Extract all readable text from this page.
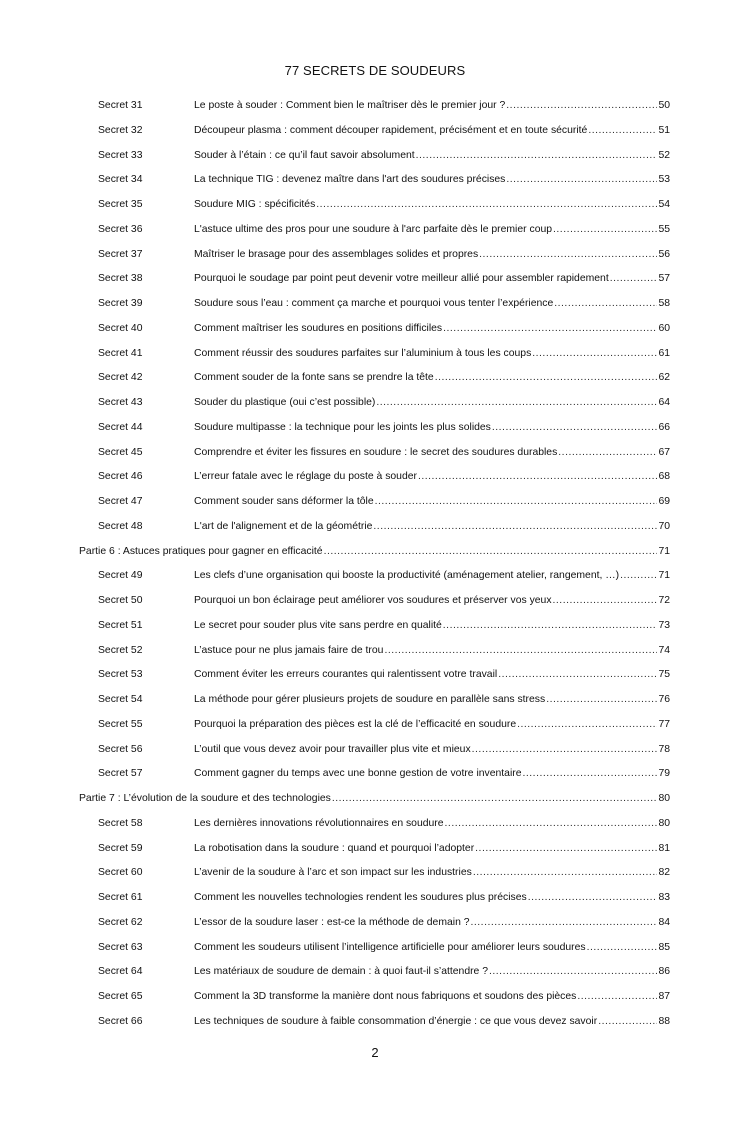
77 SECRETS DE SOUDEURS
Secret 31	Le poste à souder : Comment bien le maîtriser dès le premier jour ? .....	50
Secret 32	Découpeur plasma : comment découper rapidement, précisément et en toute sécurité .....	51
Secret 33	Souder à l’étain : ce qu’il faut savoir absolument .....	52
Secret 34	La technique TIG : devenez maître dans l'art des soudures précises .....	53
Secret 35	Soudure MIG : spécificités .....	54
Secret 36	L'astuce ultime des pros pour une soudure à l'arc parfaite dès le premier coup .....	55
Secret 37	Maîtriser le brasage pour des assemblages solides et propres .....	56
Secret 38	Pourquoi le soudage par point peut devenir votre meilleur allié pour assembler rapidement .....	57
Secret 39	Soudure sous l’eau : comment ça marche et pourquoi vous tenter l’expérience .....	58
Secret 40	Comment maîtriser les soudures en positions difficiles .....	60
Secret 41	Comment réussir des soudures parfaites sur l’aluminium à tous les coups .....	61
Secret 42	Comment souder de la fonte sans se prendre la tête .....	62
Secret 43	Souder du plastique (oui c’est possible) .....	64
Secret 44	Soudure multipasse : la technique pour les joints les plus solides .....	66
Secret 45	Comprendre et éviter les fissures en soudure : le secret des soudures durables .....	67
Secret 46	L’erreur fatale avec le réglage du poste à souder .....	68
Secret 47	Comment souder sans déformer la tôle .....	69
Secret 48	L'art de l'alignement et de la géométrie .....	70
Partie 6 : Astuces pratiques pour gagner en efficacité .....	71
Secret 49	Les clefs d’une organisation qui booste la productivité (aménagement atelier, rangement, …) .....	71
Secret 50	Pourquoi un bon éclairage peut améliorer vos soudures et préserver vos yeux .....	72
Secret 51	Le secret pour souder plus vite sans perdre en qualité .....	73
Secret 52	L’astuce pour ne plus jamais faire de trou .....	74
Secret 53	Comment éviter les erreurs courantes qui ralentissent votre travail .....	75
Secret 54	La méthode pour gérer plusieurs projets de soudure en parallèle sans stress .....	76
Secret 55	Pourquoi la préparation des pièces est la clé de l’efficacité en soudure .....	77
Secret 56	L’outil que vous devez avoir pour travailler plus vite et mieux .....	78
Secret 57	Comment gagner du temps avec une bonne gestion de votre inventaire .....	79
Partie 7 : L’évolution de la soudure et des technologies .....	80
Secret 58	Les dernières innovations révolutionnaires en soudure .....	80
Secret 59	La robotisation dans la soudure : quand et pourquoi l’adopter .....	81
Secret 60	L’avenir de la soudure à l’arc et son impact sur les industries .....	82
Secret 61	Comment les nouvelles technologies rendent les soudures plus précises .....	83
Secret 62	L’essor de la soudure laser : est-ce la méthode de demain ? .....	84
Secret 63	Comment les soudeurs utilisent l’intelligence artificielle pour améliorer leurs soudures .....	85
Secret 64	Les matériaux de soudure de demain : à quoi faut-il s’attendre ? .....	86
Secret 65	Comment la 3D transforme la manière dont nous fabriquons et soudons des pièces .....	87
Secret 66	Les techniques de soudure à faible consommation d’énergie : ce que vous devez savoir .....	88
2
